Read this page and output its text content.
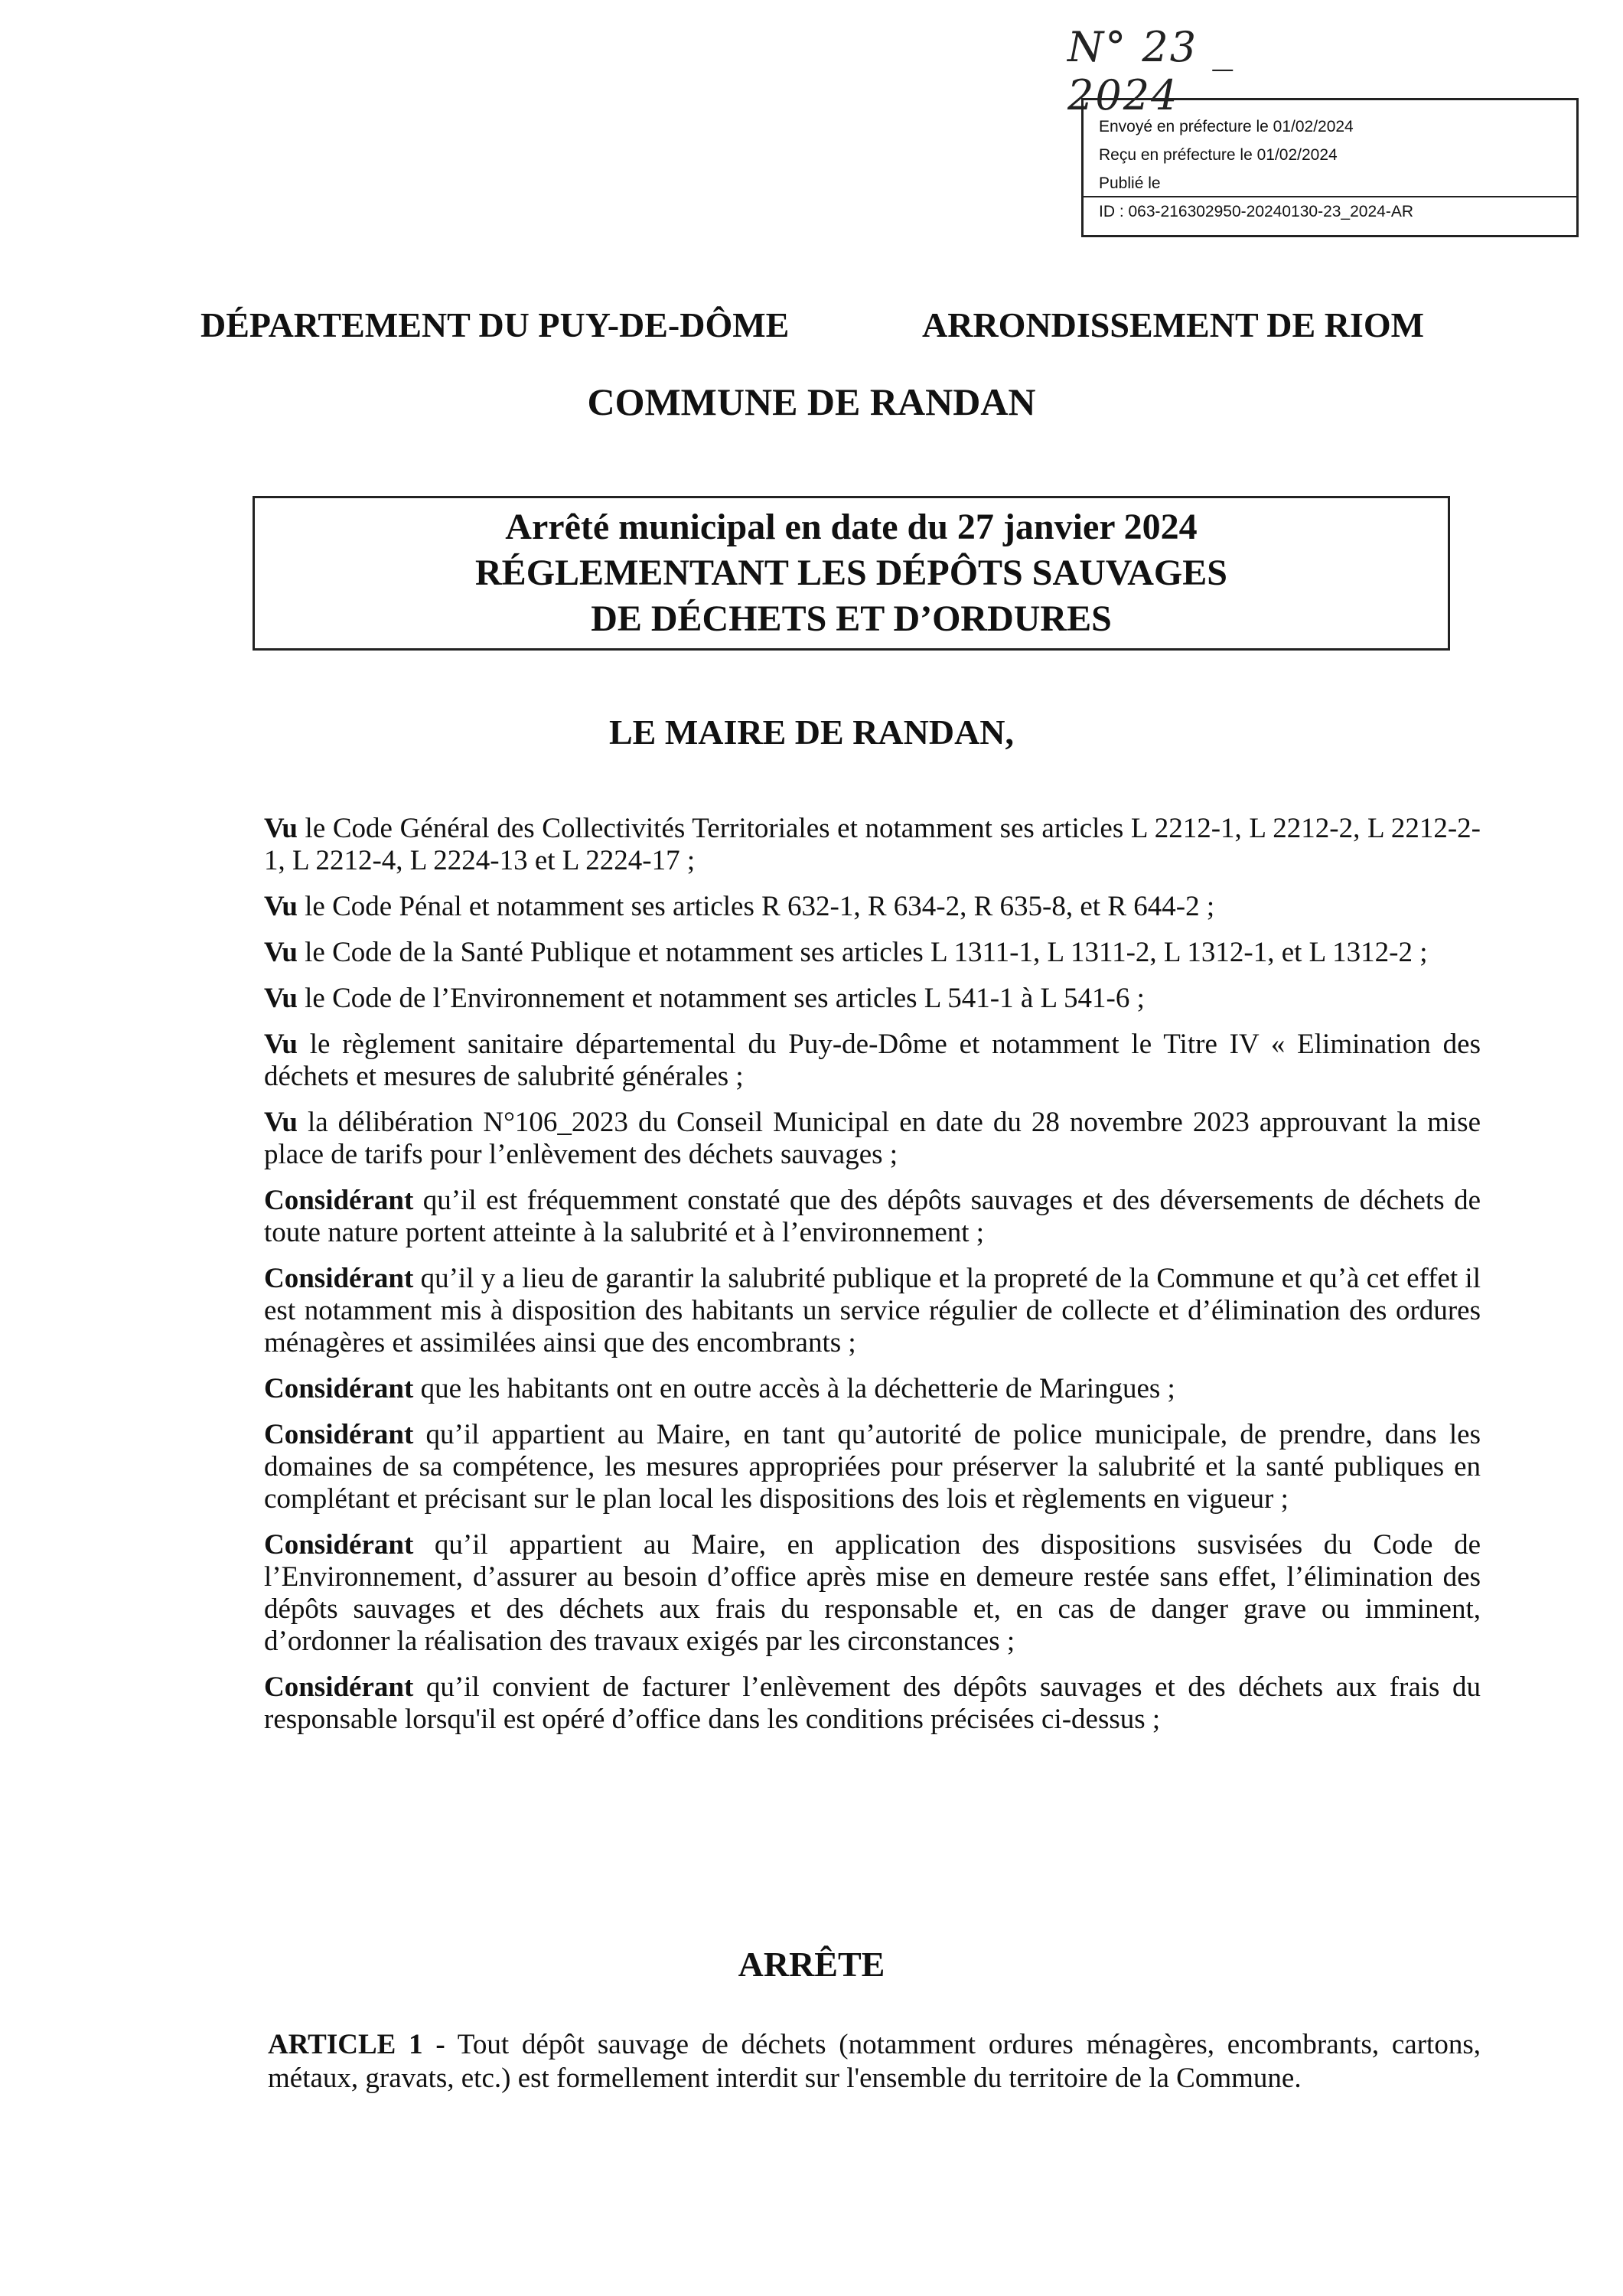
N° 23 _ 2024
Envoyé en préfecture le 01/02/2024
Reçu en préfecture le 01/02/2024
Publié le
ID : 063-216302950-20240130-23_2024-AR
DÉPARTEMENT DU PUY-DE-DÔME	ARRONDISSEMENT DE RIOM
COMMUNE DE RANDAN
Arrêté municipal en date du 27 janvier 2024
RÉGLEMENTANT LES DÉPÔTS SAUVAGES
DE DÉCHETS ET D’ORDURES
LE MAIRE DE RANDAN,

Vu le Code Général des Collectivités Territoriales et notamment ses articles L 2212-1, L 2212-2, L 2212-2-1, L 2212-4, L 2224-13 et L 2224-17 ;

Vu le Code Pénal et notamment ses articles R 632-1, R 634-2, R 635-8, et R 644-2 ;

Vu le Code de la Santé Publique et notamment ses articles L 1311-1, L 1311-2, L 1312-1, et L 1312-2 ;

Vu le Code de l’Environnement et notamment ses articles L 541-1 à L 541-6 ;

Vu le règlement sanitaire départemental du Puy-de-Dôme et notamment le Titre IV « Elimination des déchets et mesures de salubrité générales ;

Vu la délibération N°106_2023 du Conseil Municipal en date du 28 novembre 2023 approuvant la mise place de tarifs pour l’enlèvement des déchets sauvages ;

Considérant qu’il est fréquemment constaté que des dépôts sauvages et des déversements de déchets de toute nature portent atteinte à la salubrité et à l’environnement ;

Considérant qu’il y a lieu de garantir la salubrité publique et la propreté de la Commune et qu’à cet effet il est notamment mis à disposition des habitants un service régulier de collecte et d’élimination des ordures ménagères et assimilées ainsi que des encombrants ;

Considérant que les habitants ont en outre accès à la déchetterie de Maringues ;

Considérant qu’il appartient au Maire, en tant qu’autorité de police municipale, de prendre, dans les domaines de sa compétence, les mesures appropriées pour préserver la salubrité et la santé publiques en complétant et précisant sur le plan local les dispositions des lois et règlements en vigueur ;

Considérant qu’il appartient au Maire, en application des dispositions susvisées du Code de l’Environnement, d’assurer au besoin d’office après mise en demeure restée sans effet, l’élimination des dépôts sauvages et des déchets aux frais du responsable et, en cas de danger grave ou imminent, d’ordonner la réalisation des travaux exigés par les circonstances ;

Considérant qu’il convient de facturer l’enlèvement des dépôts sauvages et des déchets aux frais du responsable lorsqu'il est opéré d’office dans les conditions précisées ci-dessus ;

ARRÊTE
ARTICLE 1 - Tout dépôt sauvage de déchets (notamment ordures ménagères, encombrants, cartons, métaux, gravats, etc.) est formellement interdit sur l'ensemble du territoire de la Commune.
